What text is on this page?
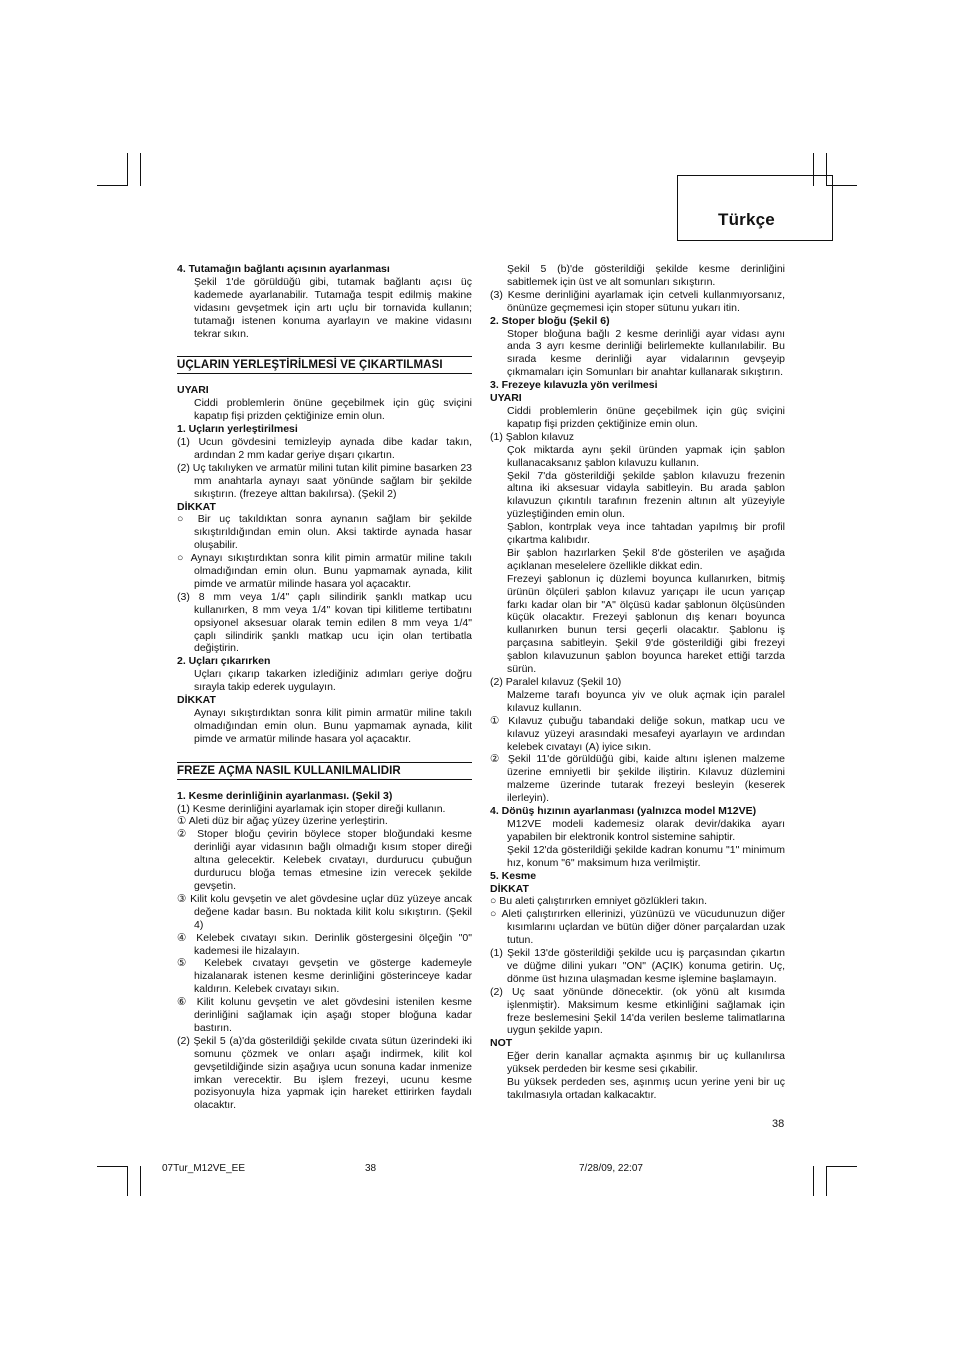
Türkçe

4. Tutamağın bağlantı açısının ayarlanması

Şekil 1'de görüldüğü gibi, tutamak bağlantı açısı üç kademede ayarlanabilir. Tutamağa tespit edilmiş makine vidasını gevşetmek için artı uçlu bir tornavida kullanın; tutamağı istenen konuma ayarlayın ve makine vidasını tekrar sıkın.

UÇLARIN YERLEŞTİRİLMESİ VE ÇIKARTILMASI

UYARI

Ciddi problemlerin önüne geçebilmek için güç sviçini kapatıp fişi prizden çektiğinize emin olun.

1. Uçların yerleştirilmesi

(1) Ucun gövdesini temizleyip aynada dibe kadar takın, ardından 2 mm kadar geriye dışarı çıkartın.

(2) Uç takılıyken ve armatür milini tutan kilit pimine basarken 23 mm anahtarla aynayı saat yönünde sağlam bir şekilde sıkıştırın. (frezeye alttan bakılırsa). (Şekil 2)

DİKKAT

○ Bir uç takıldıktan sonra aynanın sağlam bir şekilde sıkıştırıldığından emin olun. Aksi taktirde aynada hasar oluşabilir.

○ Aynayı sıkıştırdıktan sonra kilit pimin armatür miline takılı olmadığından emin olun. Bunu yapmamak aynada, kilit pimde ve armatür milinde hasara yol açacaktır.

(3) 8 mm veya 1/4" çaplı silindirik şanklı matkap ucu kullanırken, 8 mm veya 1/4" kovan tipi kilitleme tertibatını opsiyonel aksesuar olarak temin edilen 8 mm veya 1/4" çaplı silindirik şanklı matkap ucu için olan tertibatla değiştirin.

2. Uçları çıkarırken

Uçları çıkarıp takarken izlediğiniz adımları geriye doğru sırayla takip ederek uygulayın.

DİKKAT

Aynayı sıkıştırdıktan sonra kilit pimin armatür miline takılı olmadığından emin olun. Bunu yapmamak aynada, kilit pimde ve armatür milinde hasara yol açacaktır.

FREZE AÇMA NASIL KULLANILMALIDIR

1. Kesme derinliğinin ayarlanması. (Şekil 3)

(1) Kesme derinliğini ayarlamak için stoper direği kullanın.

① Aleti düz bir ağaç yüzey üzerine yerleştirin.

② Stoper bloğu çevirin böylece stoper bloğundaki kesme derinliği ayar vidasının bağlı olmadığı kısım stoper direği altına gelecektir. Kelebek cıvatayı, durdurucu çubuğun durdurucu bloğa temas etmesine izin verecek şekilde gevşetin.

③ Kilit kolu gevşetin ve alet gövdesine uçlar düz yüzeye ancak değene kadar basın. Bu noktada kilit kolu sıkıştırın. (Şekil 4)

④ Kelebek cıvatayı sıkın. Derinlik göstergesini ölçeğin "0" kademesi ile hizalayın.

⑤ Kelebek cıvatayı gevşetin ve gösterge kademeyle hizalanarak istenen kesme derinliğini gösterinceye kadar kaldırın. Kelebek cıvatayı sıkın.

⑥ Kilit kolunu gevşetin ve alet gövdesini istenilen kesme derinliğini sağlamak için aşağı stoper bloğuna kadar bastırın.

(2) Şekil 5 (a)'da gösterildiği şekilde cıvata sütun üzerindeki iki somunu çözmek ve onları aşağı indirmek, kilit kol gevşetildiğinde sizin aşağıya ucun sonuna kadar inmenize imkan verecektir. Bu işlem frezeyi, ucunu kesme pozisyonuyla hiza yapmak için hareket ettirirken faydalı olacaktır.

Şekil 5 (b)'de gösterildiği şekilde kesme derinliğini sabitlemek için üst ve alt somunları sıkıştırın.

(3) Kesme derinliğini ayarlamak için cetveli kullanmıyorsanız, önünüze geçmemesi için stoper sütunu yukarı itin.

2. Stoper bloğu (Şekil 6)

Stoper bloğuna bağlı 2 kesme derinliği ayar vidası aynı anda 3 ayrı kesme derinliği belirlemekte kullanılabilir. Bu sırada kesme derinliği ayar vidalarının gevşeyip çıkmamaları için Somunları bir anahtar kullanarak sıkıştırın.

3. Frezeye kılavuzla yön verilmesi

UYARI

Ciddi problemlerin önüne geçebilmek için güç sviçini kapatıp fişi prizden çektiğinize emin olun.

(1) Şablon kılavuz

Çok miktarda aynı şekil üründen yapmak için şablon kullanacaksanız şablon kılavuzu kullanın.

Şekil 7'da gösterildiği şekilde şablon kılavuzu frezenin altına iki aksesuar vidayla sabitleyin. Bu arada şablon kılavuzun çıkıntılı tarafının frezenin altının alt yüzeyiyle yüzleştiğinden emin olun.

Şablon, kontrplak veya ince tahtadan yapılmış bir profil çıkartma kalıbıdır.

Bir şablon hazırlarken Şekil 8'de gösterilen ve aşağıda açıklanan meselelere özellikle dikkat edin.

Frezeyi şablonun iç düzlemi boyunca kullanırken, bitmiş ürünün ölçüleri şablon kılavuz yarıçapı ile ucun yarıçap farkı kadar olan bir "A" ölçüsü kadar şablonun ölçüsünden küçük olacaktır. Frezeyi şablonun dış kenarı boyunca kullanırken bunun tersi geçerli olacaktır. Şablonu iş parçasına sabitleyin. Şekil 9'de gösterildiği gibi frezeyi şablon kılavuzunun şablon boyunca hareket ettiği tarzda sürün.

(2) Paralel kılavuz (Şekil 10)

Malzeme tarafı boyunca yiv ve oluk açmak için paralel kılavuz kullanın.

① Kılavuz çubuğu tabandaki deliğe sokun, matkap ucu ve kılavuz yüzeyi arasındaki mesafeyi ayarlayın ve ardından kelebek cıvatayı (A) iyice sıkın.

② Şekil 11'de görüldüğü gibi, kaide altını işlenen malzeme üzerine emniyetli bir şekilde iliştirin. Kılavuz düzlemini malzeme üzerinde tutarak frezeyi besleyin (keserek ilerleyin).

4. Dönüş hızının ayarlanması (yalnızca model M12VE)

M12VE modeli kademesiz olarak devir/dakika ayarı yapabilen bir elektronik kontrol sistemine sahiptir.

Şekil 12'da gösterildiği şekilde kadran konumu "1" minimum hız, konum "6" maksimum hıza verilmiştir.

5. Kesme

DİKKAT

○ Bu aleti çalıştırırken emniyet gözlükleri takın.

○ Aleti çalıştırırken ellerinizi, yüzünüzü ve vücudunuzun diğer kısımlarını uçlardan ve bütün diğer döner parçalardan uzak tutun.

(1) Şekil 13'de gösterildiği şekilde ucu iş parçasından çıkartın ve düğme dilini yukarı "ON" (AÇIK) konuma getirin. Uç, dönme üst hızına ulaşmadan kesme işlemine başlamayın.

(2) Uç saat yönünde dönecektir. (ok yönü alt kısımda işlenmiştir). Maksimum kesme etkinliğini sağlamak için freze beslemesini Şekil 14'da verilen besleme talimatlarına uygun şekilde yapın.

NOT

Eğer derin kanallar açmakta aşınmış bir uç kullanılırsa yüksek perdeden bir kesme sesi çıkabilir.

Bu yüksek perdeden ses, aşınmış ucun yerine yeni bir uç takılmasıyla ortadan kalkacaktır.

38
07Tur_M12VE_EE	38	7/28/09, 22:07
